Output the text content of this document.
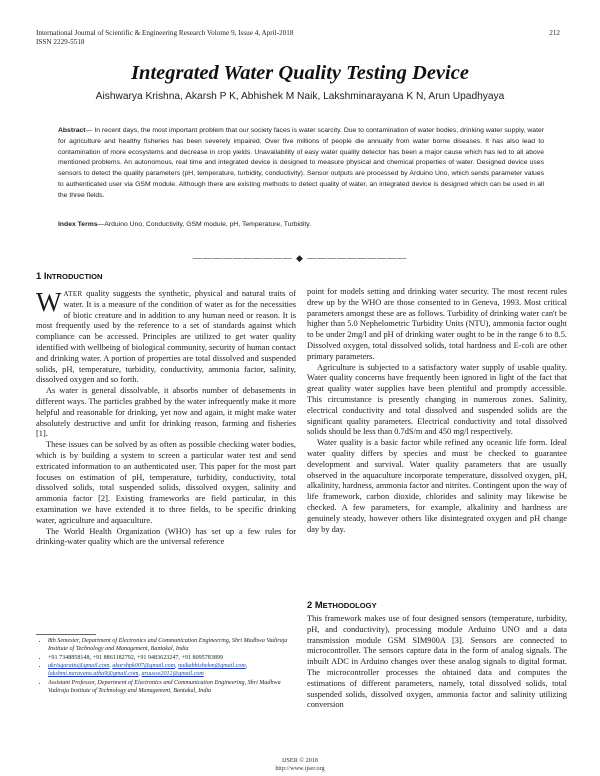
International Journal of Scientific & Engineering Research Volume 9, Issue 4, April-2018
ISSN 2229-5518
212
Integrated Water Quality Testing Device
Aishwarya Krishna, Akarsh P K, Abhishek M Naik, Lakshminarayana K N, Arun Upadhyaya
Abstract— In recent days, the most important problem that our society faces is water scarcity. Due to contamination of water bodies, drinking water supply, water for agriculture and healthy fisheries has been severely impaired. Over five millions of people die annually from water borne diseases. It has also lead to contamination of more ecosystems and decrease in crop yields. Unavailability of easy water quality detector has been a major cause which has led to all above mentioned problems. An autonomous, real time and integrated device is designed to measure physical and chemical properties of water. Designed device uses sensors to detect the quality parameters (pH, temperature, turbidity, conductivity). Sensor outputs are processed by Arduino Uno, which sends parameter values to authenticated user via GSM module. Although there are existing methods to detect quality of water, an integrated device is designed which can be used in all the three fields.
Index Terms—Arduino Uno, Conductivity, GSM module, pH, Temperature, Turbidity.
—————————— ◆ ——————————
1 INTRODUCTION

WATER quality suggests the synthetic, physical and natural traits of water. It is a measure of the condition of water as for the necessities of biotic creature and in addition to any human need or reason. It is most frequently used by the reference to a set of standards against which compliance can be accessed. Principles are utilized to get water quality identified with wellbeing of biological community, security of human contact and drinking water. A portion of properties are total dissolved and suspended solids, pH, temperature, turbidity, conductivity, ammonia factor, salinity, dissolved oxygen and so forth.

As water is general dissolvable, it absorbs number of debasements in different ways. The particles grabbed by the water infrequently make it more helpful and reasonable for drinking, yet now and again, it might make water absolutely destructive and unfit for drinking reason, farming and fisheries [1].

These issues can be solved by as often as possible checking water bodies, which is by building a system to screen a particular water test and send extricated information to an authenticated user. This paper for the most part focuses on estimation of pH, temperature, turbidity, conductivity, total dissolved solids, total suspended solids, dissolved oxygen, salinity and ammonia factor [2]. Existing frameworks are field particular, in this examination we have extended it to three fields, to be specific drinking water, agriculture and aquaculture.

The World Health Organization (WHO) has set up a few rules for drinking-water quality which are the universal reference

• 8th Semester, Department of Electronics and Communication Engineering, Shri Madhwa Vadiraja Institute of Technology and Management, Bantakal, India
• +91 7348858148, +91 8861182792, +91 9483623247, +91 8095783899
• akrisgarattu@gmail.com, akarshpk007@gmail.com, naikabhishekm@gmail.com, lakshmi.narayana.atha9@gmail.com, aruusse2012@gmail.com
• Assistant Professor, Department of Electronics and Communication Engineering, Shri Madhwa Vadiraja Institute of Technology and Management, Bantakal, India

point for models setting and drinking water security. The most recent rules drew up by the WHO are those consented to in Geneva, 1993. Most critical parameters amongst these are as follows. Turbidity of drinking water can't be higher than 5.0 Nephelometric Turbidity Units (NTU), ammonia factor ought to be under 2mg/l and pH of drinking water ought to be in the range 6 to 8.5. Dissolved oxygen, total dissolved solids, total hardness and E-coli are other primary parameters.

Agriculture is subjected to a satisfactory water supply of usable quality. Water quality concerns have frequently been ignored in light of the fact that great quality water supplies have been plentiful and promptly accessible. This circumstance is presently changing in numerous zones. Salinity, electrical conductivity and total dissolved and suspended solids are the significant quality parameters. Electrical conductivity and total dissolved solids should be less than 0.7dS/m and 450 mg/l respectively.

Water quality is a basic factor while refined any oceanic life form. Ideal water quality differs by species and must be checked to guarantee development and survival. Water quality parameters that are usually observed in the aquaculture incorporate temperature, dissolved oxygen, pH, alkalinity, hardness, ammonia factor and nitrites. Contingent upon the way of life framework, carbon dioxide, chlorides and salinity may likewise be checked. A few parameters, for example, alkalinity and hardness are genuinely steady, however others like disintegrated oxygen and pH change day by day.

2 METHODOLOGY

This framework makes use of four designed sensors (temperature, turbidity, pH, and conductivity), processing module Arduino UNO and a data transmission module GSM SIM900A [3]. Sensors are connected to microcontroller. The sensors capture data in the form of analog signals. The inbuilt ADC in Arduino changes over these analog signals to digital format. The microcontroller processes the obtained data and computes the estimations of different parameters, namely, total dissolved solids, total suspended solids, dissolved oxygen, ammonia factor and salinity utilizing conversion

IJSER © 2018
http://www.ijser.org
